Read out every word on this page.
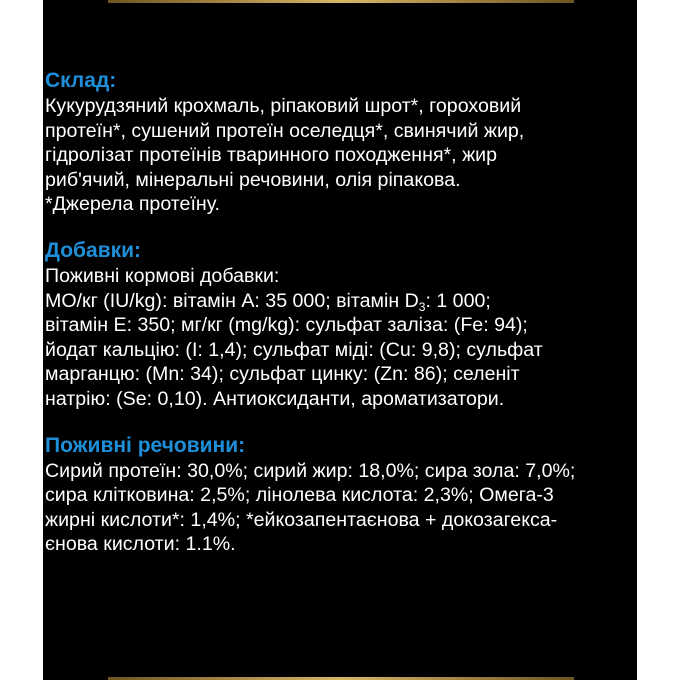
Склад:
Кукурудзяний крохмаль, ріпаковий шрот*, гороховий
протеїн*, сушений протеїн оселедця*, свинячий жир,
гідролізат протеїнів тваринного походження*, жир
риб'ячий, мінеральні речовини, олія ріпакова.
*Джерела протеїну.
Добавки:
Поживні кормові добавки:
МО/кг (IU/kg): вітамін А: 35 000; вітамін $D_3$: 1 000;
вітамін Е: 350; мг/кг (mg/kg): сульфат заліза: (Fe: 94);
йодат кальцію: (I: 1,4); сульфат міді: (Cu: 9,8); сульфат
марганцю: (Mn: 34); сульфат цинку: (Zn: 86); селеніт
натрію: (Se: 0,10). Антиоксиданти, ароматизатори.
Поживні речовини:
Сирий протеїн: 30,0%; сирий жир: 18,0%; сира зола: 7,0%;
сира клітковина: 2,5%; лінолева кислота: 2,3%; Омега-3
жирні кислоти*: 1,4%; *ейкозапентаєнова + докозагекса-
єнова кислоти: 1.1%.
